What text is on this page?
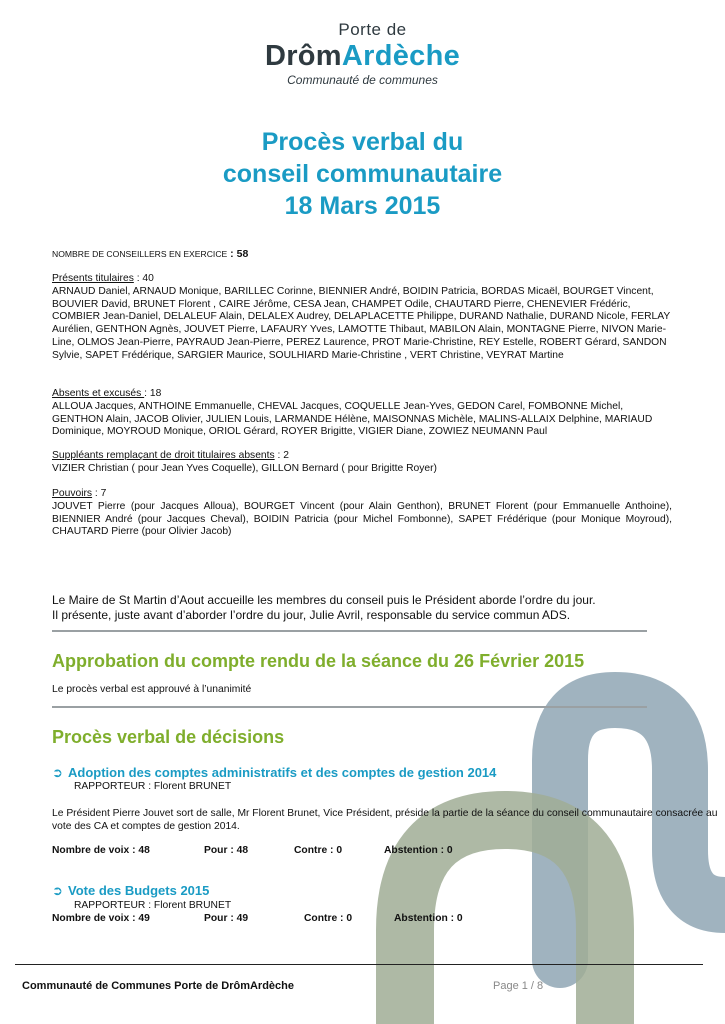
Porte de
DrômArdèche
Communauté de communes
Procès verbal du
conseil communautaire
18 Mars 2015
NOMBRE DE CONSEILLERS EN EXERCICE : 58
Présents titulaires : 40
ARNAUD Daniel, ARNAUD Monique, BARILLEC Corinne, BIENNIER André, BOIDIN Patricia, BORDAS Micaël, BOURGET Vincent, BOUVIER David, BRUNET Florent , CAIRE Jérôme, CESA Jean, CHAMPET Odile, CHAUTARD Pierre, CHENEVIER Frédéric, COMBIER Jean-Daniel, DELALEUF Alain, DELALEX Audrey, DELAPLACETTE Philippe, DURAND Nathalie, DURAND Nicole, FERLAY Aurélien, GENTHON Agnès, JOUVET Pierre, LAFAURY Yves, LAMOTTE Thibaut, MABILON Alain, MONTAGNE Pierre, NIVON Marie-Line, OLMOS Jean-Pierre, PAYRAUD Jean-Pierre, PEREZ Laurence, PROT Marie-Christine, REY Estelle, ROBERT Gérard, SANDON Sylvie, SAPET Frédérique, SARGIER Maurice, SOULHIARD Marie-Christine , VERT Christine, VEYRAT Martine
Absents et excusés : 18
ALLOUA Jacques, ANTHOINE Emmanuelle, CHEVAL Jacques, COQUELLE Jean-Yves, GEDON Carel, FOMBONNE Michel, GENTHON Alain, JACOB Olivier, JULIEN Louis, LARMANDE Hélène, MAISONNAS Michèle, MALINS-ALLAIX Delphine, MARIAUD Dominique, MOYROUD Monique, ORIOL Gérard, ROYER Brigitte, VIGIER Diane, ZOWIEZ NEUMANN Paul
Suppléants remplaçant de droit titulaires absents : 2
VIZIER Christian ( pour Jean Yves Coquelle), GILLON Bernard ( pour Brigitte Royer)
Pouvoirs : 7
JOUVET Pierre (pour Jacques Alloua), BOURGET Vincent (pour Alain Genthon), BRUNET Florent (pour Emmanuelle Anthoine), BIENNIER André (pour Jacques Cheval), BOIDIN Patricia (pour Michel Fombonne), SAPET Frédérique (pour Monique Moyroud), CHAUTARD Pierre (pour Olivier Jacob)
Le Maire de St Martin d’Aout accueille les membres du conseil puis le Président aborde l’ordre du jour.
Il présente, juste avant d’aborder l’ordre du jour, Julie Avril, responsable du service commun ADS.
Approbation du compte rendu de la séance du 26 Février 2015
Le procès verbal est approuvé à l’unanimité
Procès verbal de décisions
➲ Adoption des comptes administratifs et des comptes de gestion 2014
RAPPORTEUR : Florent BRUNET
Le Président Pierre Jouvet sort de salle, Mr Florent Brunet, Vice Président, préside la partie de la séance du conseil communautaire consacrée au vote des CA et comptes de gestion 2014.
Nombre de voix : 48	Pour : 48	Contre : 0	Abstention : 0
➲ Vote des Budgets 2015
RAPPORTEUR : Florent BRUNET
Nombre de voix : 49	Pour : 49	Contre : 0	Abstention : 0
Communauté de Communes Porte de DrômArdèche	Page 1 / 8
